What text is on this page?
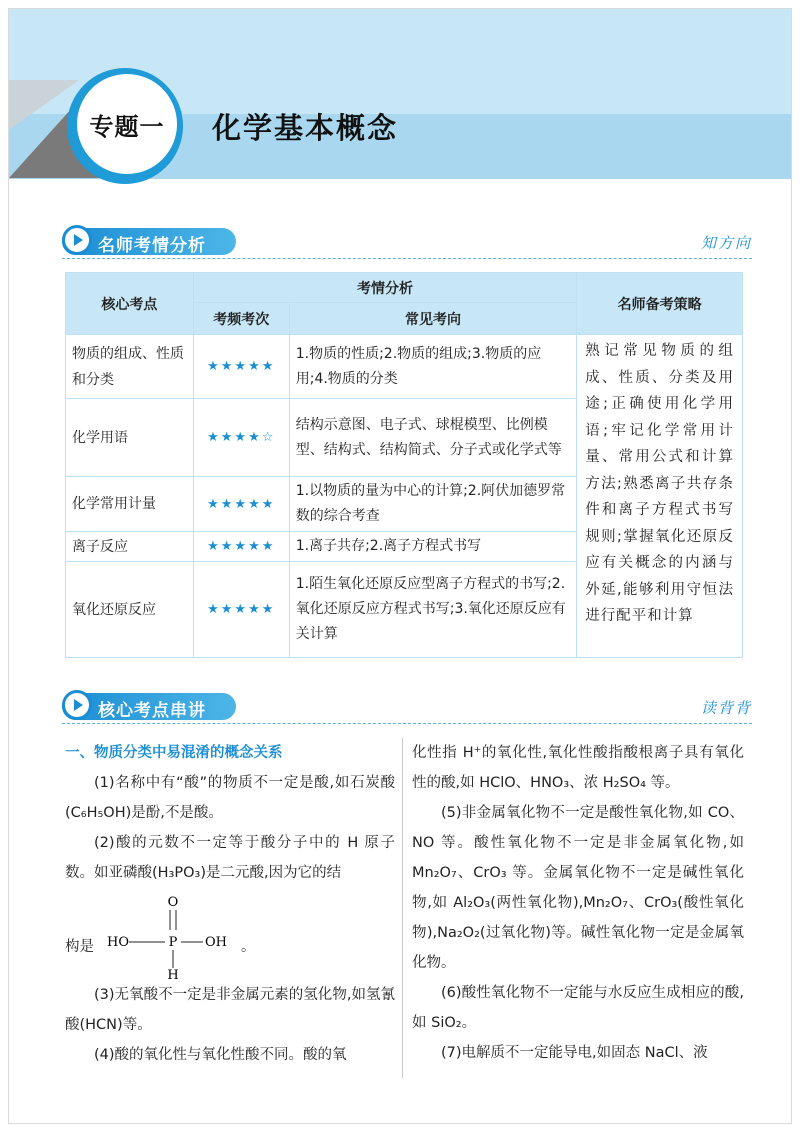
专题一	化学基本概念
名师考情分析	知方向
核心考点	考情分析		名师备考策略
	考频考次	常见考向	
物质的组成、性质和分类	★★★★★	1.物质的性质;2.物质的组成;3.物质的应用;4.物质的分类	熟记常见物质的组成、性质、分类及用途;正确使用化学用语;牢记化学常用计量、常用公式和计算方法;熟悉离子共存条件和离子方程式书写规则;掌握氧化还原反应有关概念的内涵与外延,能够利用守恒法进行配平和计算
化学用语	★★★★☆	结构示意图、电子式、球棍模型、比例模型、结构式、结构简式、分子式或化学式等	
化学常用计量	★★★★★	1.以物质的量为中心的计算;2.阿伏加德罗常数的综合考查	
离子反应	★★★★★	1.离子共存;2.离子方程式书写	
氧化还原反应	★★★★★	1.陌生氧化还原反应型离子方程式的书写;2.氧化还原反应方程式书写;3.氧化还原反应有关计算	
核心考点串讲	读背背

一、物质分类中易混淆的概念关系

(1)名称中有“酸”的物质不一定是酸,如石炭酸(C₆H₅OH)是酚,不是酸。

(2)酸的元数不一定等于酸分子中的 H 原子数。如亚磷酸(H₃PO₃)是二元酸,因为它的结

构是
O
HO	P OH
H
。

(3)无氧酸不一定是非金属元素的氢化物,如氢氰酸(HCN)等。

(4)酸的氧化性与氧化性酸不同。酸的氧

化性指 H⁺的氧化性,氧化性酸指酸根离子具有氧化性的酸,如 HClO、HNO₃、浓 H₂SO₄ 等。

(5)非金属氧化物不一定是酸性氧化物,如 CO、NO 等。酸性氧化物不一定是非金属氧化物,如 Mn₂O₇、CrO₃ 等。金属氧化物不一定是碱性氧化物,如 Al₂O₃(两性氧化物),Mn₂O₇、CrO₃(酸性氧化物),Na₂O₂(过氧化物)等。碱性氧化物一定是金属氧化物。

(6)酸性氧化物不一定能与水反应生成相应的酸,如 SiO₂。

(7)电解质不一定能导电,如固态 NaCl、液
